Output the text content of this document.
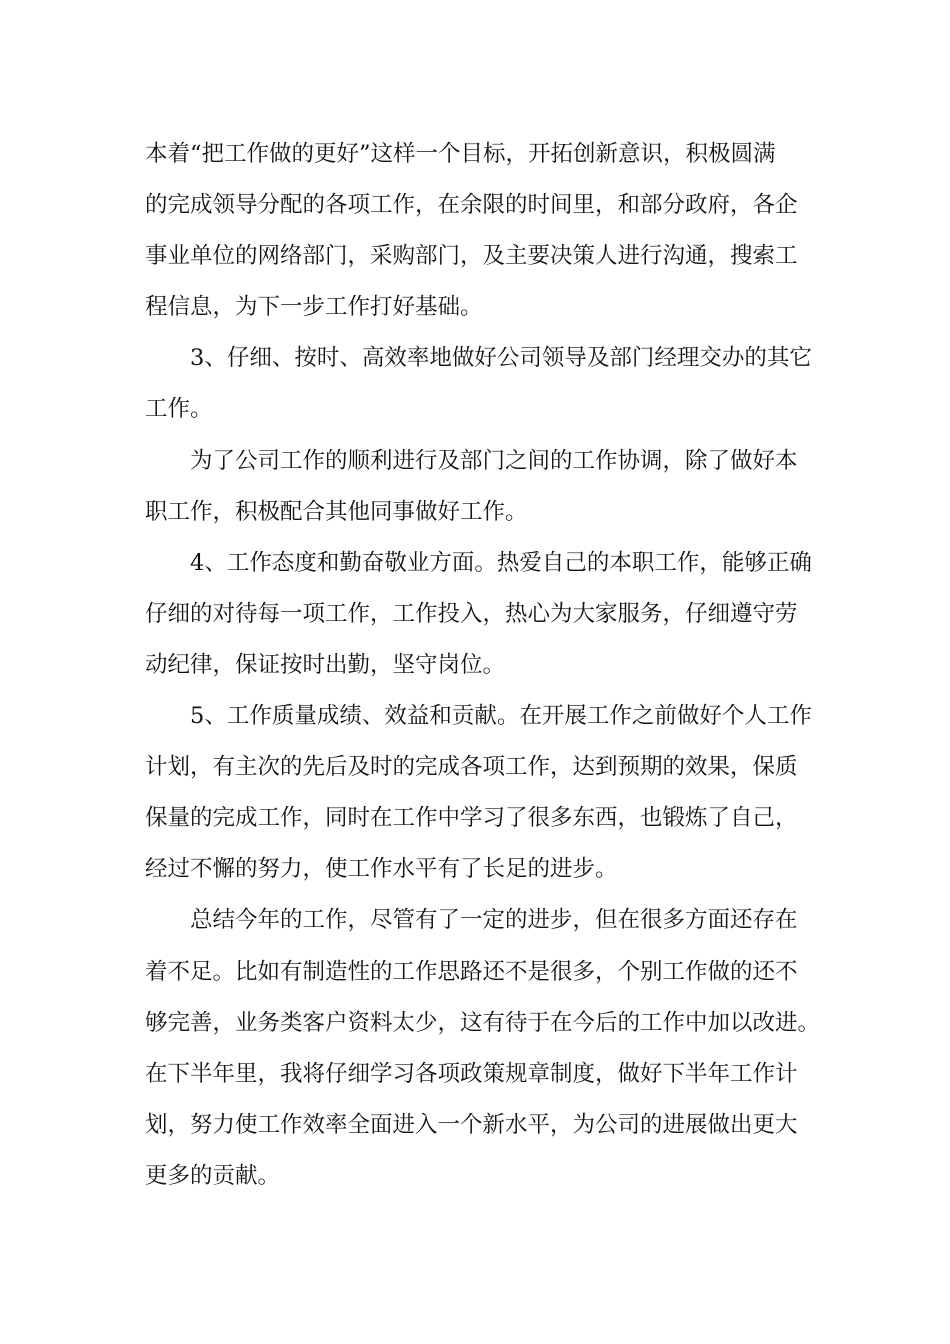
本着“把工作做的更好”这样一个目标，开拓创新意识，积极圆满
的完成领导分配的各项工作，在余限的时间里，和部分政府，各企
事业单位的网络部门，采购部门，及主要决策人进行沟通，搜索工
程信息，为下一步工作打好基础。

3、仔细、按时、高效率地做好公司领导及部门经理交办的其它
工作。

为了公司工作的顺利进行及部门之间的工作协调，除了做好本
职工作，积极配合其他同事做好工作。

4、工作态度和勤奋敬业方面。热爱自己的本职工作，能够正确
仔细的对待每一项工作，工作投入，热心为大家服务，仔细遵守劳
动纪律，保证按时出勤，坚守岗位。

5、工作质量成绩、效益和贡献。在开展工作之前做好个人工作
计划，有主次的先后及时的完成各项工作，达到预期的效果，保质
保量的完成工作，同时在工作中学习了很多东西，也锻炼了自己，
经过不懈的努力，使工作水平有了长足的进步。

总结今年的工作，尽管有了一定的进步，但在很多方面还存在
着不足。比如有制造性的工作思路还不是很多，个别工作做的还不
够完善，业务类客户资料太少，这有待于在今后的工作中加以改进。
在下半年里，我将仔细学习各项政策规章制度，做好下半年工作计
划，努力使工作效率全面进入一个新水平，为公司的进展做出更大
更多的贡献。
